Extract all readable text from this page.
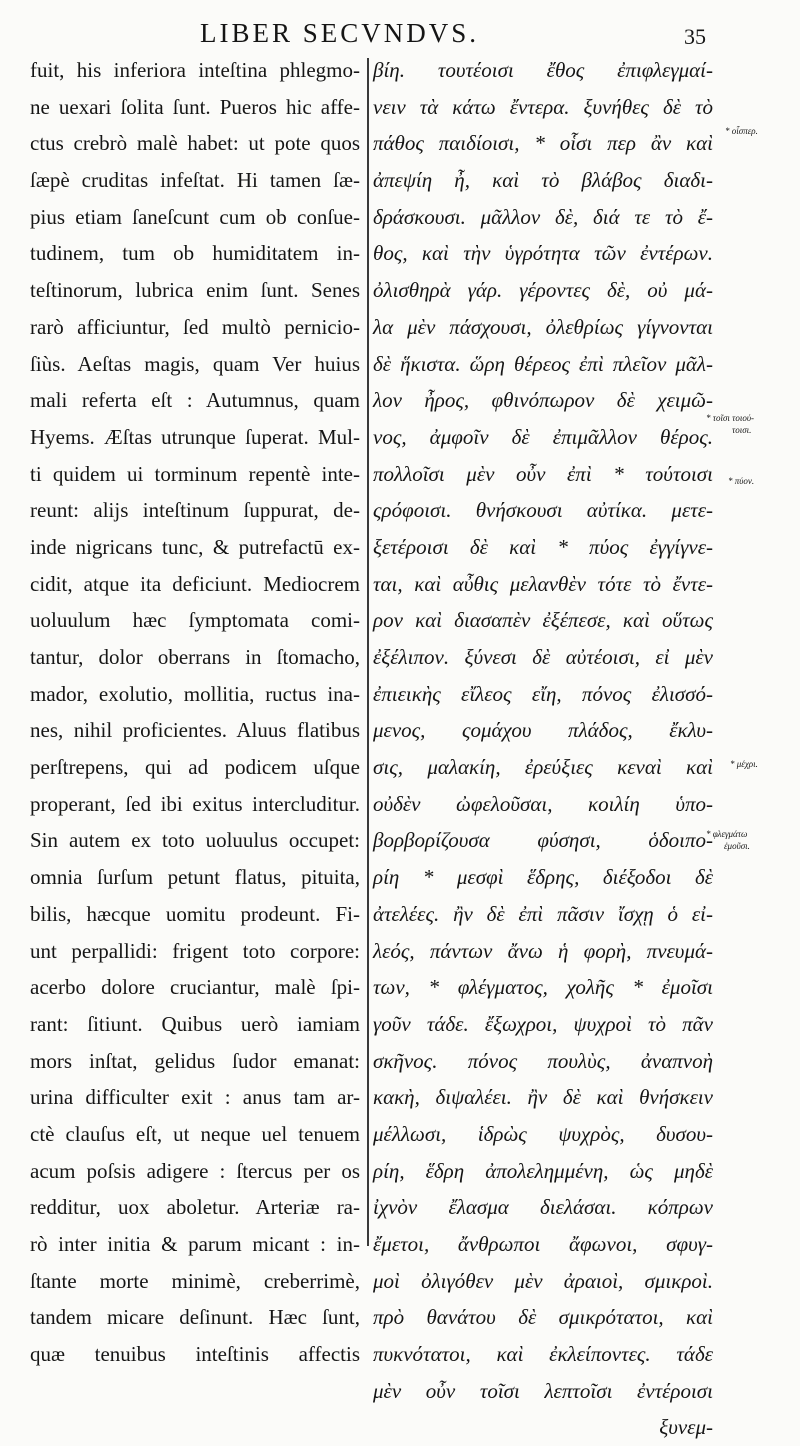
LIBER SECVNDVS.	35
fuit, his inferiora inteſtina phlegmo-
ne uexari ſolita ſunt. Pueros hic affe-
ctus crebrò malè habet: ut pote quos
ſæpè cruditas infeſtat. Hi tamen ſæ-
pius etiam ſaneſcunt cum ob conſue-
tudinem, tum ob humiditatem in-
teſtinorum, lubrica enim ſunt. Senes
rarò afficiuntur, ſed multò pernicio-
ſiùs. Aeſtas magis, quam Ver huius
mali referta eſt : Autumnus, quam
Hyems. Æſtas utrunque ſuperat. Mul-
ti quidem ui torminum repentè inte-
reunt: alijs inteſtinum ſuppurat, de-
inde nigricans tunc, & putrefactū ex-
cidit, atque ita deficiunt. Mediocrem
uoluulum hæc ſymptomata comi-
tantur, dolor oberrans in ſtomacho,
mador, exolutio, mollitia, ructus ina-
nes, nihil proficientes. Aluus flatibus
perſtrepens, qui ad podicem uſque
properant, ſed ibi exitus intercluditur.
Sin autem ex toto uoluulus occupet:
omnia ſurſum petunt flatus, pituita,
bilis, hæcque uomitu prodeunt. Fi-
unt perpallidi: frigent toto corpore:
acerbo dolore cruciantur, malè ſpi-
rant: ſitiunt. Quibus uerò iamiam
mors inſtat, gelidus ſudor emanat:
urina difficulter exit : anus tam ar-
ctè clauſus eſt, ut neque uel tenuem
acum poſsis adigere : ſtercus per os
redditur, uox aboletur. Arteriæ ra-
rò inter initia & parum micant : in-
ſtante morte minimè, creberrimè,
tandem micare deſinunt. Hæc ſunt,
quæ tenuibus inteſtinis affectis
βίη. τουτέοισι ἔθος ἐπιφλεγμαί-
νειν τὰ κάτω ἔντερα. ξυνήθες δὲ τὸ
πάθος παιδίοισι, * οἷσι περ ἂν καὶ
ἀπεψίη ἦ, καὶ τὸ βλάβος διαδι-
δράσκουσι. μᾶλλον δὲ, διά τε τὸ ἔ-
θος, καὶ τὴν ὑγρότητα τῶν ἐντέρων.
ὀλισθηρὰ γάρ. γέροντες δὲ, οὐ μά-
λα μὲν πάσχουσι, ὀλεθρίως γίγνονται
δὲ ἥκιστα. ὥρη θέρεος ἐπὶ πλεῖον μᾶλ-
λον ἦρος, φθινόπωρον δὲ χειμῶ-
νος, ἀμφοῖν δὲ ἐπιμᾶλλον θέρος.
πολλοῖσι μὲν οὖν ἐπὶ * τούτοισι
ςρόφοισι. θνήσκουσι αὐτίκα. μετε-
ξετέροισι δὲ καὶ * πύος ἐγγίγνε-
ται, καὶ αὖθις μελανθὲν τότε τὸ ἔντε-
ρον καὶ διασαπὲν ἐξέπεσε, καὶ οὕτως
ἐξέλιπον. ξύνεσι δὲ αὐτέοισι, εἰ μὲν
ἐπιεικὴς εἴλεος εἴη, πόνος ἐλισσό-
μενος, ςομάχου πλάδος, ἔκλυ-
σις, μαλακίη, ἐρεύξιες κεναὶ καὶ
οὐδὲν ὠφελοῦσαι, κοιλίη ὑπο-
βορβορίζουσα φύσησι, ὁδοιπο-
ρίη * μεσφὶ ἕδρης, διέξοδοι δὲ
ἀτελέες. ἢν δὲ ἐπὶ πᾶσιν ἴσχῃ ὁ εἰ-
λεός, πάντων ἄνω ἡ φορὴ, πνευμά-
των, * φλέγματος, χολῆς * ἐμοῖσι
γοῦν τάδε. ἔξωχροι, ψυχροὶ τὸ πᾶν
σκῆνος. πόνος πουλὺς, ἀναπνοὴ
κακὴ, διψαλέει. ἢν δὲ καὶ θνήσκειν
μέλλωσι, ἱδρὼς ψυχρὸς, δυσου-
ρίη, ἕδρη ἀπολελημμένη, ὡς μηδὲ
ἰχνὸν ἔλασμα διελάσαι. κόπρων
ἔμετοι, ἄνθρωποι ἄφωνοι, σφυγ-
μοὶ ὀλιγόθεν μὲν ἀραιοὶ, σμικροὶ.
πρὸ θανάτου δὲ σμικρότατοι, καὶ
πυκνότατοι, καὶ ἐκλείποντες. τάδε
μὲν οὖν τοῖσι λεπτοῖσι ἐντέροισι
ξυνεμ-
* οἷσπερ.
* τοῖσι τοιού-
τοισι.
* πύον.
* μέχρι.
* φλεγμάτω
ἐμοῦσι.
